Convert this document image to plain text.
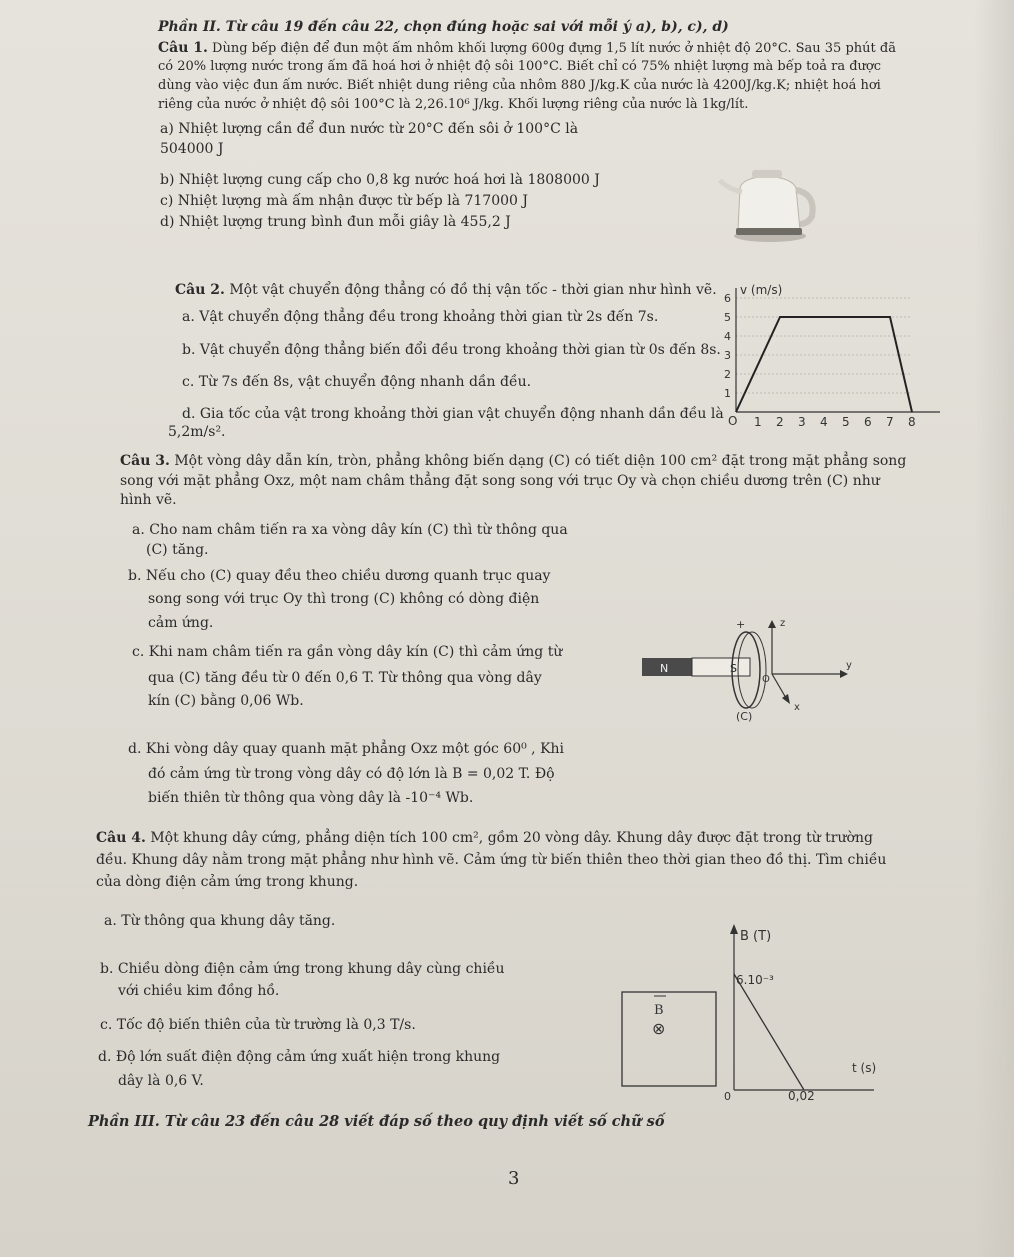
Phần II. Từ câu 19 đến câu 22, chọn đúng hoặc sai với mỗi ý a), b), c), d)
Câu 1. Dùng bếp điện để đun một ấm nhôm khối lượng 600g đựng 1,5 lít nước ở nhiệt độ 20°C. Sau 35 phút đã
có 20% lượng nước trong ấm đã hoá hơi ở nhiệt độ sôi 100°C. Biết chỉ có 75% nhiệt lượng mà bếp toả ra được
dùng vào việc đun ấm nước. Biết nhiệt dung riêng của nhôm 880 J/kg.K của nước là 4200J/kg.K; nhiệt hoá hơi
riêng của nước ở nhiệt độ sôi 100°C là 2,26.10⁶ J/kg. Khối lượng riêng của nước là 1kg/lít.
a) Nhiệt lượng cần để đun nước từ 20°C đến sôi ở 100°C là
504000 J
b) Nhiệt lượng cung cấp cho 0,8 kg nước hoá hơi là 1808000 J
c) Nhiệt lượng mà ấm nhận được từ bếp là 717000 J
d) Nhiệt lượng trung bình đun mỗi giây là 455,2 J
Câu 2. Một vật chuyển động thẳng có đồ thị vận tốc - thời gian như hình vẽ.
a. Vật chuyển động thẳng đều trong khoảng thời gian từ 2s đến 7s.
b. Vật chuyển động thẳng biến đổi đều trong khoảng thời gian từ 0s đến 8s.
c. Từ 7s đến 8s, vật chuyển động nhanh dần đều.
d. Gia tốc của vật trong khoảng thời gian vật chuyển động nhanh dần đều là
5,2m/s².
v (m/s)
O 1 2 3 4 5 6 7 8
1
2
3
4
5
6
Câu 3. Một vòng dây dẫn kín, tròn, phẳng không biến dạng (C) có tiết diện 100 cm² đặt trong mặt phẳng song
song với mặt phẳng Oxz, một nam châm thẳng đặt song song với trục Oy và chọn chiều dương trên (C) như
hình vẽ.
a. Cho nam châm tiến ra xa vòng dây kín (C) thì từ thông qua
(C) tăng.
b. Nếu cho (C) quay đều theo chiều dương quanh trục quay
song song với trục Oy thì trong (C) không có dòng điện
cảm ứng.
c. Khi nam châm tiến ra gần vòng dây kín (C) thì cảm ứng từ
qua (C) tăng đều từ 0 đến 0,6 T. Từ thông qua vòng dây
kín (C) bằng 0,06 Wb.
d. Khi vòng dây quay quanh mặt phẳng Oxz một góc 60⁰ , Khi
đó cảm ứng từ trong vòng dây có độ lớn là B = 0,02 T. Độ
biến thiên từ thông qua vòng dây là -10⁻⁴ Wb.
N	S
+
(C)
O
z
y
x
Câu 4. Một khung dây cứng, phẳng diện tích 100 cm², gồm 20 vòng dây. Khung dây được đặt trong từ trường
đều. Khung dây nằm trong mặt phẳng như hình vẽ. Cảm ứng từ biến thiên theo thời gian theo đồ thị. Tìm chiều
của dòng điện cảm ứng trong khung.
a. Từ thông qua khung dây tăng.
b. Chiều dòng điện cảm ứng trong khung dây cùng chiều
với chiều kim đồng hồ.
c. Tốc độ biến thiên của từ trường là 0,3 T/s.
d. Độ lớn suất điện động cảm ứng xuất hiện trong khung
dây là 0,6 V.
B
⊗
B (T)
6.10⁻³
t (s)
0	0,02
Phần III. Từ câu 23 đến câu 28 viết đáp số theo quy định viết số chữ số
3
